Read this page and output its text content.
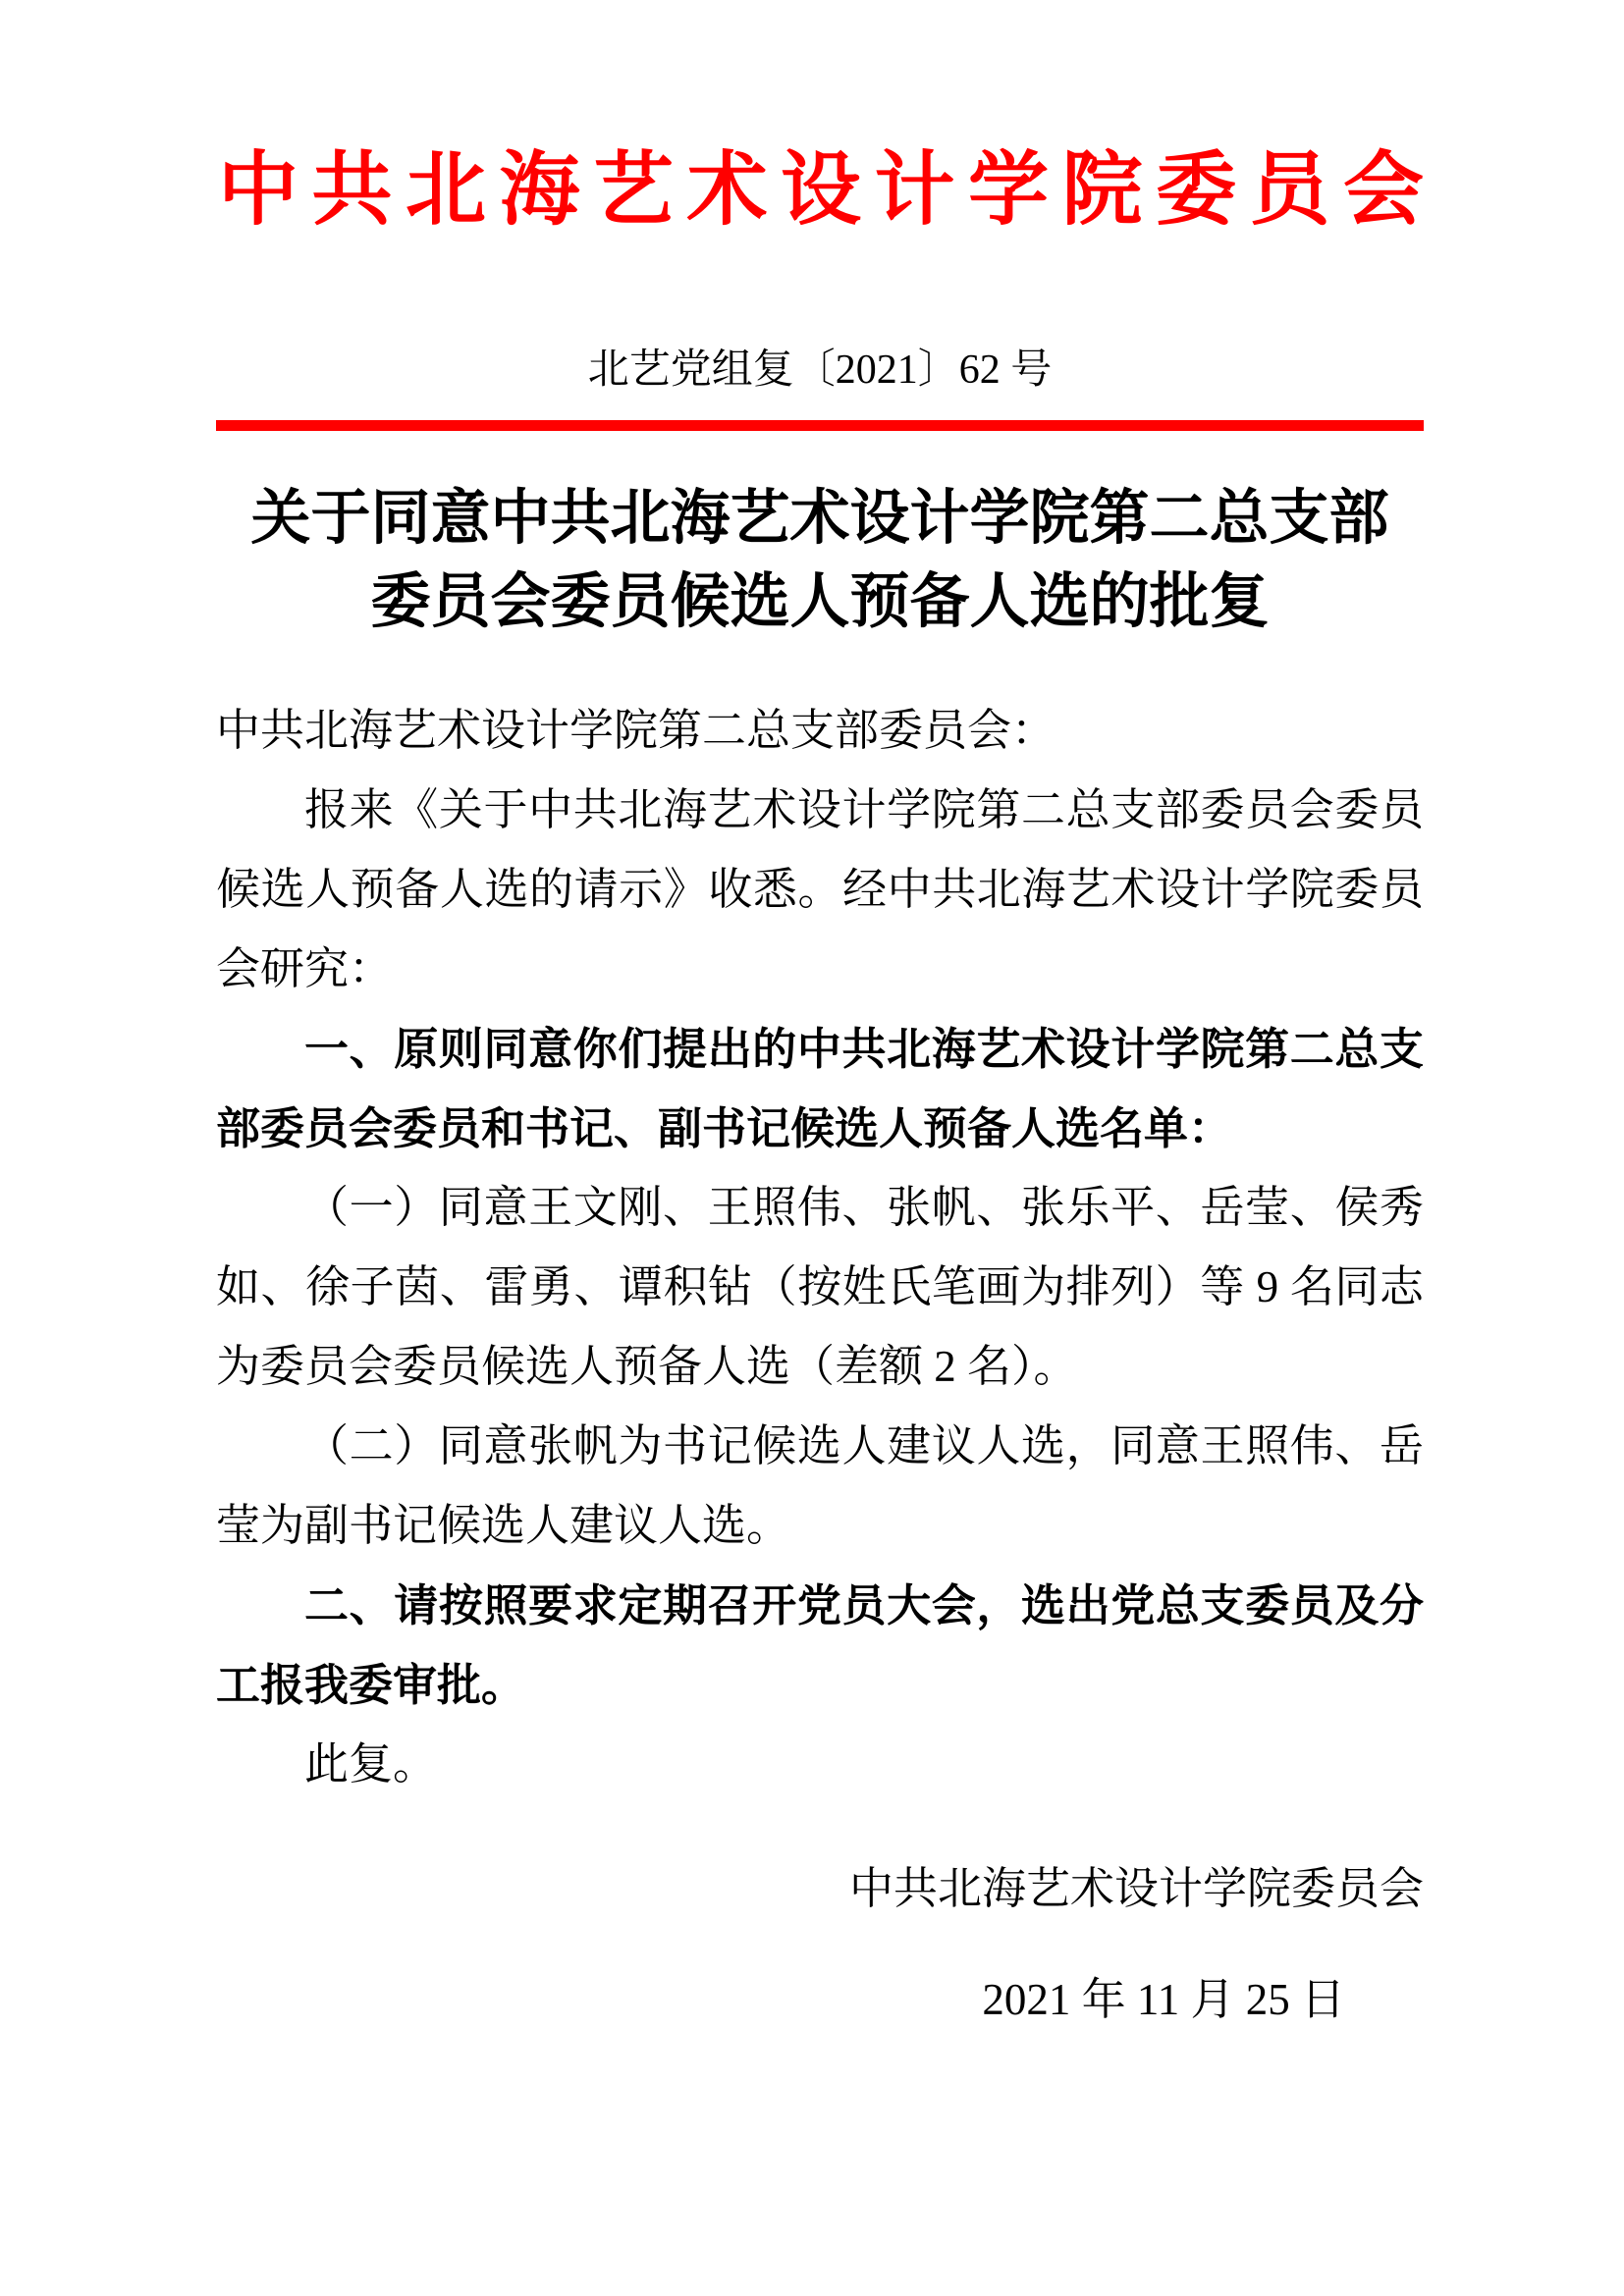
中共北海艺术设计学院委员会
北艺党组复〔2021〕62 号
关于同意中共北海艺术设计学院第二总支部
委员会委员候选人预备人选的批复
中共北海艺术设计学院第二总支部委员会：
报来《关于中共北海艺术设计学院第二总支部委员会委员
候选人预备人选的请示》收悉。经中共北海艺术设计学院委员
会研究：
一、原则同意你们提出的中共北海艺术设计学院第二总支
部委员会委员和书记、副书记候选人预备人选名单：
（一）同意王文刚、王照伟、张帆、张乐平、岳莹、侯秀
如、徐子茵、雷勇、谭积钻（按姓氏笔画为排列）等 9 名同志
为委员会委员候选人预备人选（差额 2 名）。
（二）同意张帆为书记候选人建议人选，同意王照伟、岳
莹为副书记候选人建议人选。
二、请按照要求定期召开党员大会，选出党总支委员及分
工报我委审批。
此复。
中共北海艺术设计学院委员会
2021 年 11 月 25 日
